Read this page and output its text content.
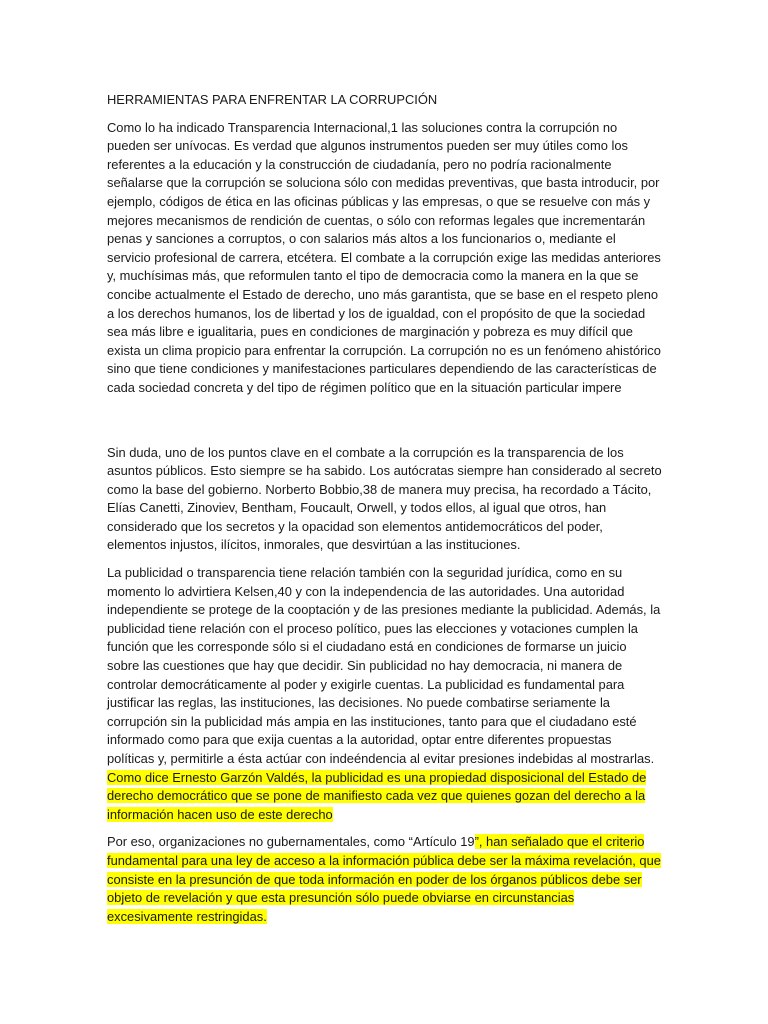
HERRAMIENTAS PARA ENFRENTAR LA CORRUPCIÓN

Como lo ha indicado Transparencia Internacional,1 las soluciones contra la corrupción no pueden ser unívocas. Es verdad que algunos instrumentos pueden ser muy útiles como los referentes a la educación y la construcción de ciudadanía, pero no podría racionalmente señalarse que la corrupción se soluciona sólo con medidas preventivas, que basta introducir, por ejemplo, códigos de ética en las oficinas públicas y las empresas, o que se resuelve con más y mejores mecanismos de rendición de cuentas, o sólo con reformas legales que incrementarán penas y sanciones a corruptos, o con salarios más altos a los funcionarios o, mediante el servicio profesional de carrera, etcétera. El combate a la corrupción exige las medidas anteriores y, muchísimas más, que reformulen tanto el tipo de democracia como la manera en la que se concibe actualmente el Estado de derecho, uno más garantista, que se base en el respeto pleno a los derechos humanos, los de libertad y los de igualdad, con el propósito de que la sociedad sea más libre e igualitaria, pues en condiciones de marginación y pobreza es muy difícil que exista un clima propicio para enfrentar la corrupción. La corrupción no es un fenómeno ahistórico sino que tiene condiciones y manifestaciones particulares dependiendo de las características de cada sociedad concreta y del tipo de régimen político que en la situación particular impere

Sin duda, uno de los puntos clave en el combate a la corrupción es la transparencia de los asuntos públicos. Esto siempre se ha sabido. Los autócratas siempre han considerado al secreto como la base del gobierno. Norberto Bobbio,38 de manera muy precisa, ha recordado a Tácito, Elías Canetti, Zinoviev, Bentham, Foucault, Orwell, y todos ellos, al igual que otros, han considerado que los secretos y la opacidad son elementos antidemocráticos del poder, elementos injustos, ilícitos, inmorales, que desvirtúan a las instituciones.

La publicidad o transparencia tiene relación también con la seguridad jurídica, como en su momento lo advirtiera Kelsen,40 y con la independencia de las autoridades. Una autoridad independiente se protege de la cooptación y de las presiones mediante la publicidad. Además, la publicidad tiene relación con el proceso político, pues las elecciones y votaciones cumplen la función que les corresponde sólo si el ciudadano está en condiciones de formarse un juicio sobre las cuestiones que hay que decidir. Sin publicidad no hay democracia, ni manera de controlar democráticamente al poder y exigirle cuentas. La publicidad es fundamental para justificar las reglas, las instituciones, las decisiones. No puede combatirse seriamente la corrupción sin la publicidad más ampia en las instituciones, tanto para que el ciudadano esté informado como para que exija cuentas a la autoridad, optar entre diferentes propuestas políticas y, permitirle a ésta actúar con indeéndencia al evitar presiones indebidas al mostrarlas. Como dice Ernesto Garzón Valdés, la publicidad es una propiedad disposicional del Estado de derecho democrático que se pone de manifiesto cada vez que quienes gozan del derecho a la información hacen uso de este derecho

Por eso, organizaciones no gubernamentales, como “Artículo 19”, han señalado que el criterio fundamental para una ley de acceso a la información pública debe ser la máxima revelación, que consiste en la presunción de que toda información en poder de los órganos públicos debe ser objeto de revelación y que esta presunción sólo puede obviarse en circunstancias excesivamente restringidas.
